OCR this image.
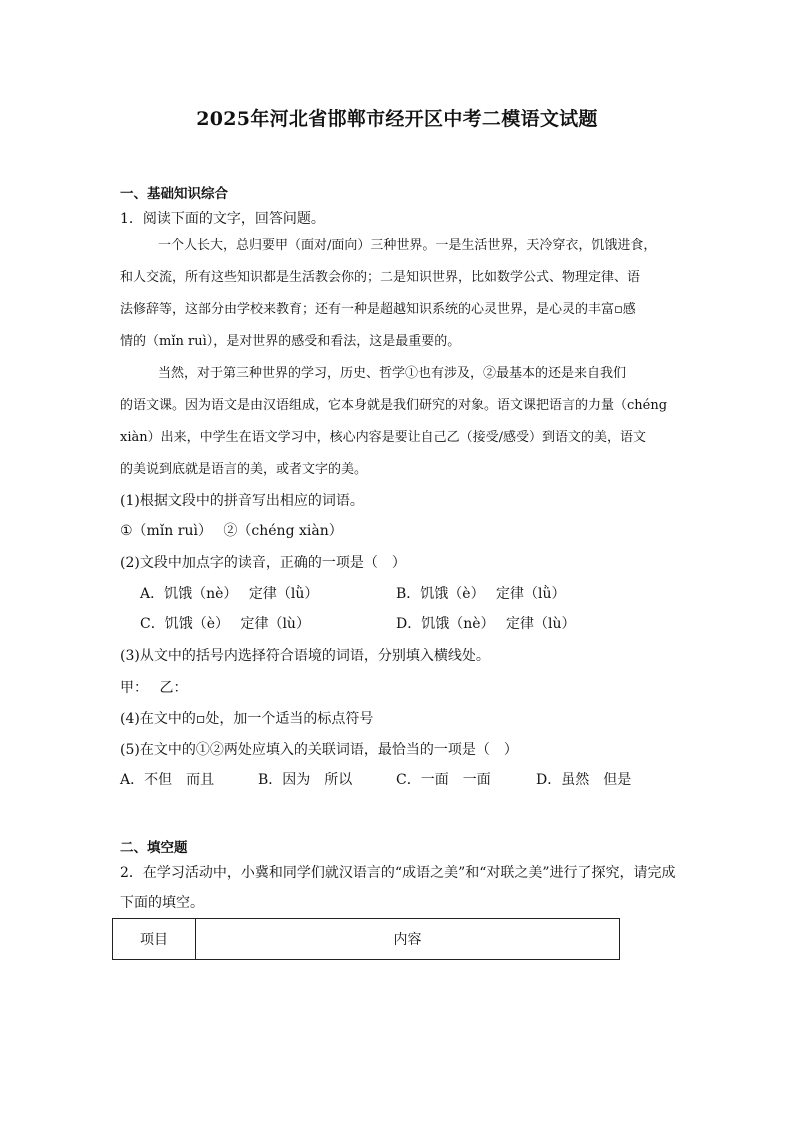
2025年河北省邯郸市经开区中考二模语文试题
一、基础知识综合
1．阅读下面的文字，回答问题。
一个人长大，总归要甲（面对/面向）三种世界。一是生活世界，天冷穿衣，饥饿进食，
和人交流，所有这些知识都是生活教会你的；二是知识世界，比如数学公式、物理定律、语
法修辞等，这部分由学校来教育；还有一种是超越知识系统的心灵世界，是心灵的丰富▫感
情的（mǐn ruì），是对世界的感受和看法，这是最重要的。
当然，对于第三种世界的学习，历史、哲学①也有涉及，②最基本的还是来自我们
的语文课。因为语文是由汉语组成，它本身就是我们研究的对象。语文课把语言的力量（chéng
xiàn）出来，中学生在语文学习中，核心内容是要让自己乙（接受/感受）到语文的美，语文
的美说到底就是语言的美，或者文字的美。
(1)根据文段中的拼音写出相应的词语。
①（mǐn ruì）　 ②（chéng xiàn）
(2)文段中加点字的读音，正确的一项是（　）
A．饥饿（nè）　 定律（lǜ）	B．饥饿（è）　 定律（lǜ）
C．饥饿（è）　 定律（lù）	D．饥饿（nè）　 定律（lù）
(3)从文中的括号内选择符合语境的词语，分别填入横线处。
甲：　 乙：
(4)在文中的▫处，加一个适当的标点符号
(5)在文中的①②两处应填入的关联词语，最恰当的一项是（　）
A．不但　而且	B．因为　所以	C．一面　一面	D．虽然　但是
二、填空题
2．在学习活动中，小冀和同学们就汉语言的“成语之美”和“对联之美”进行了探究，请完成
下面的填空。
项目	内容
